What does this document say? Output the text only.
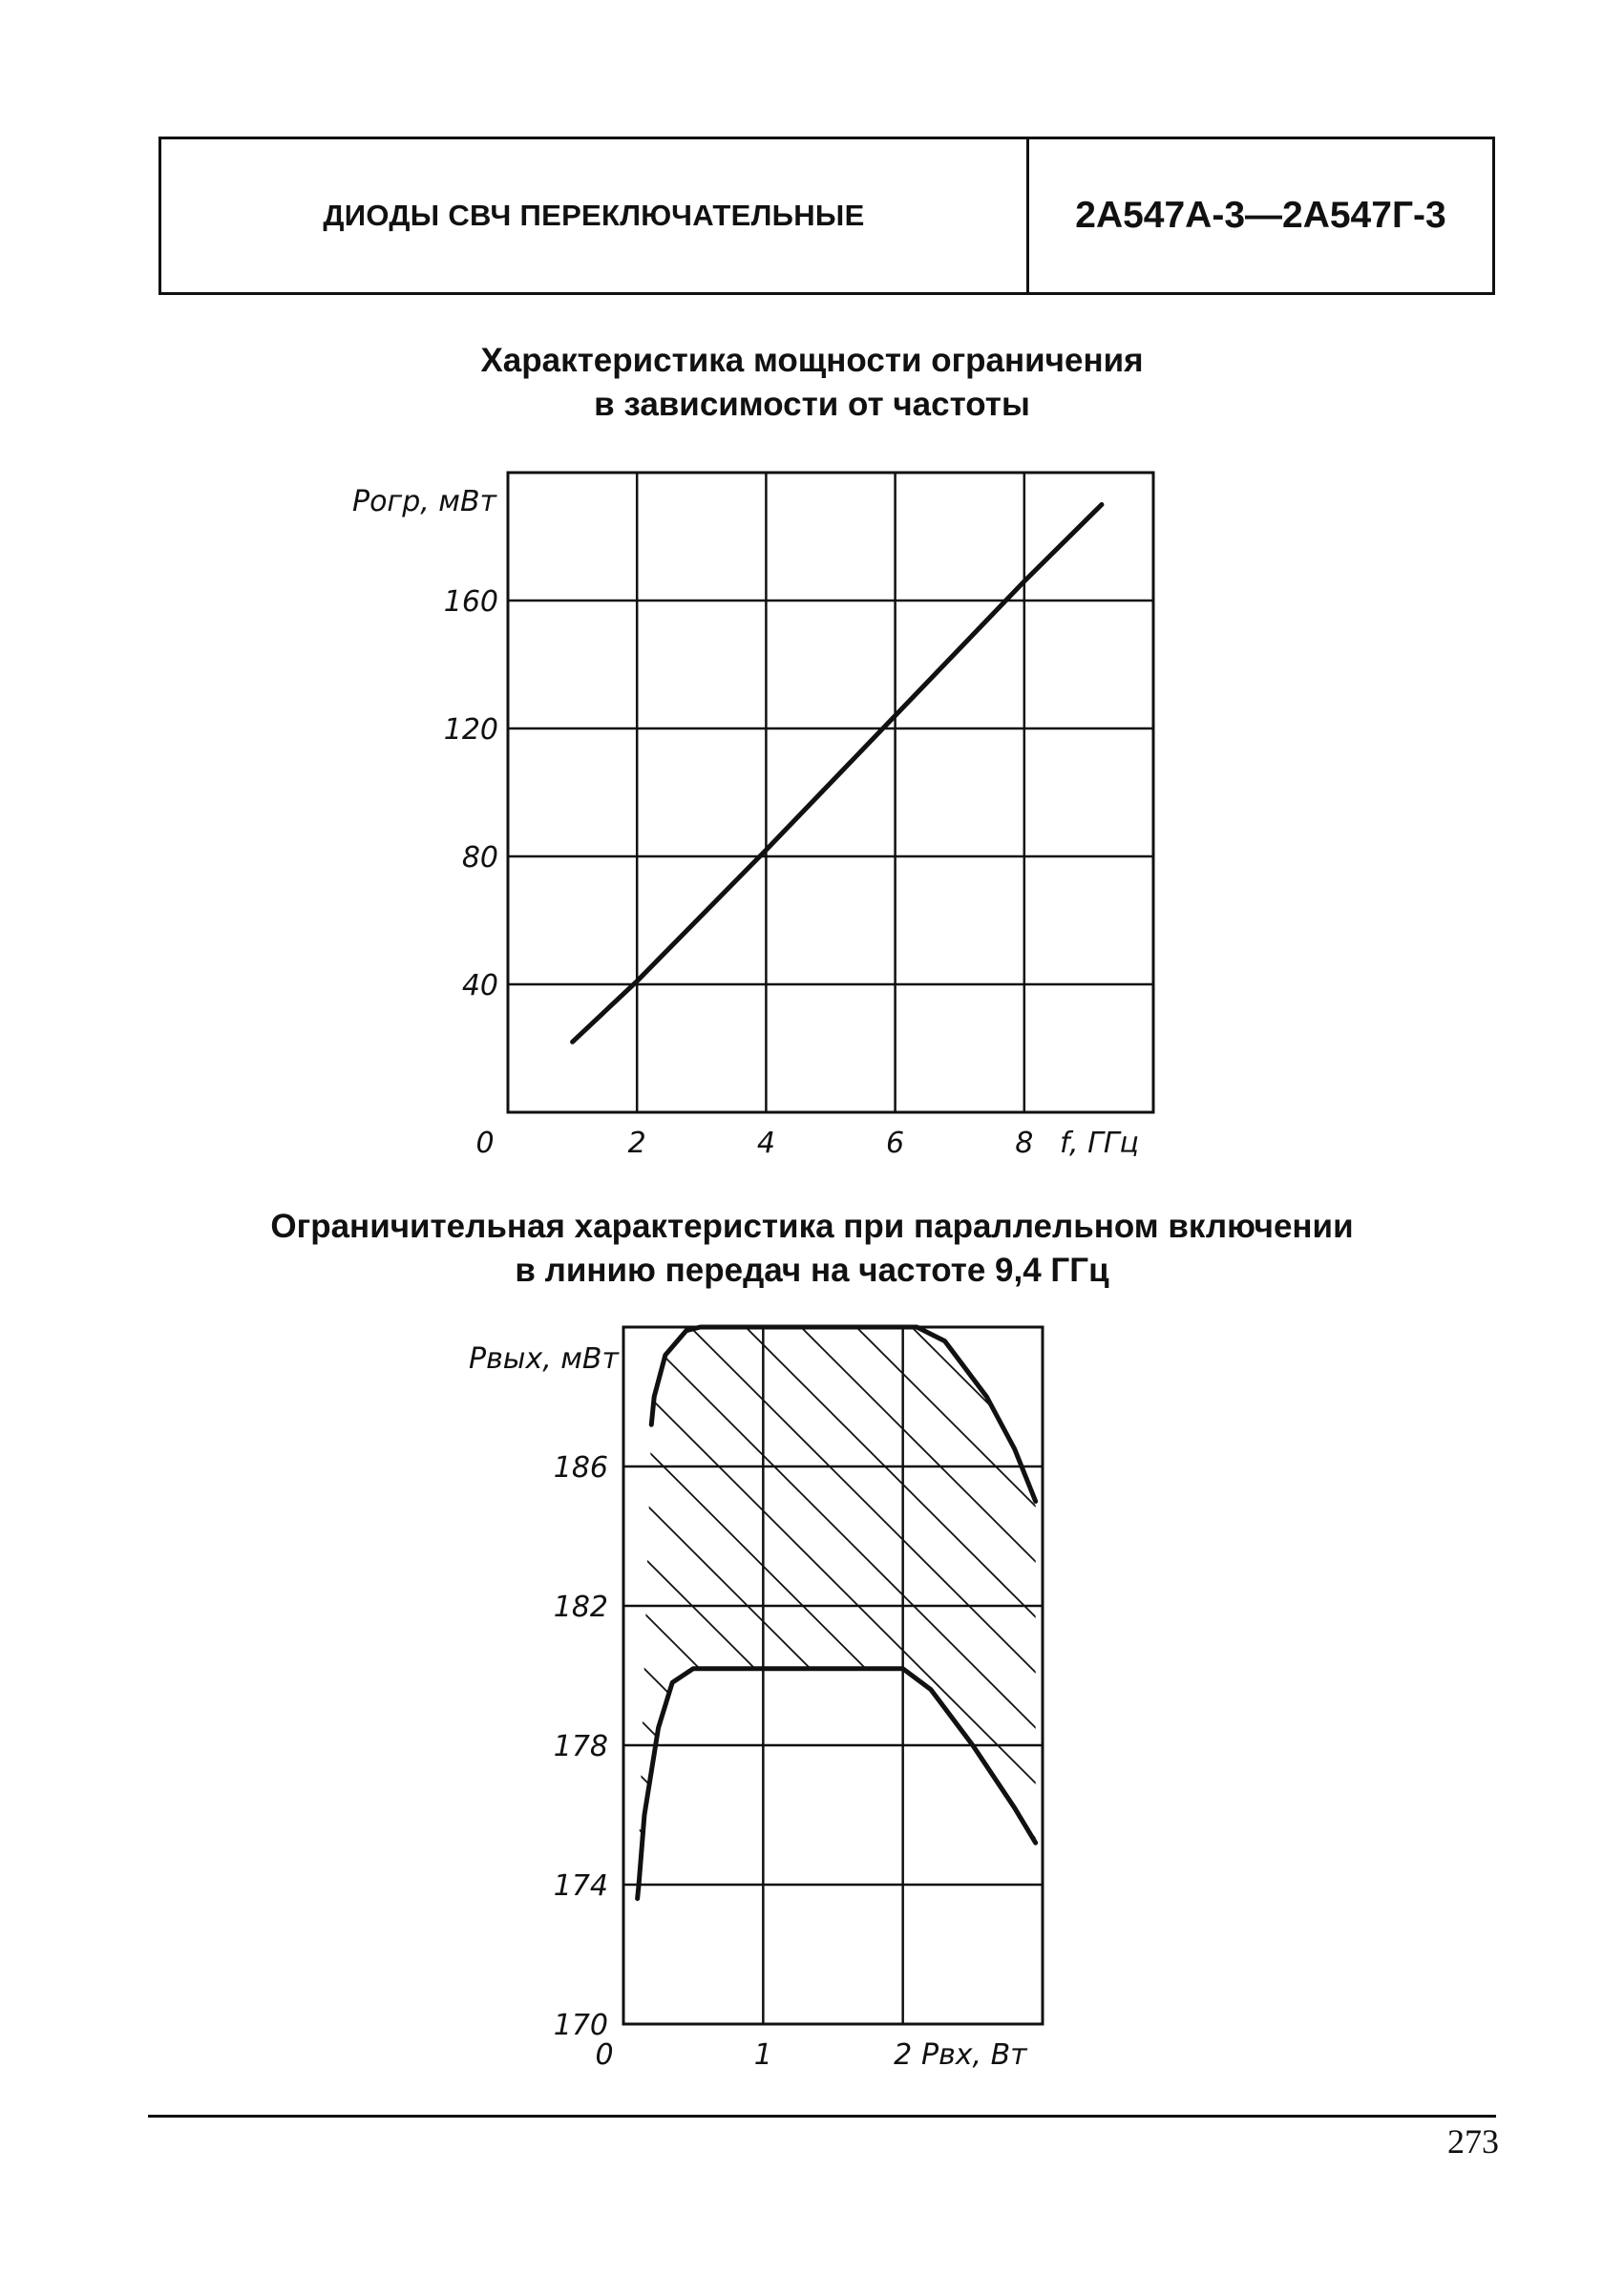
ДИОДЫ СВЧ ПЕРЕКЛЮЧАТЕЛЬНЫЕ	2А547А-3—2А547Г-3
Характеристика мощности ограничения
в зависимости от частоты
2	4	6	8
40
80
120
160
0	f, ГГц
Pогр, мВт
Ограничительная характеристика при параллельном включении
в линию передач на частоте 9,4 ГГц
1	2
170
174
178
182
186
0	Pвх, Вт
Pвых, мВт
273
